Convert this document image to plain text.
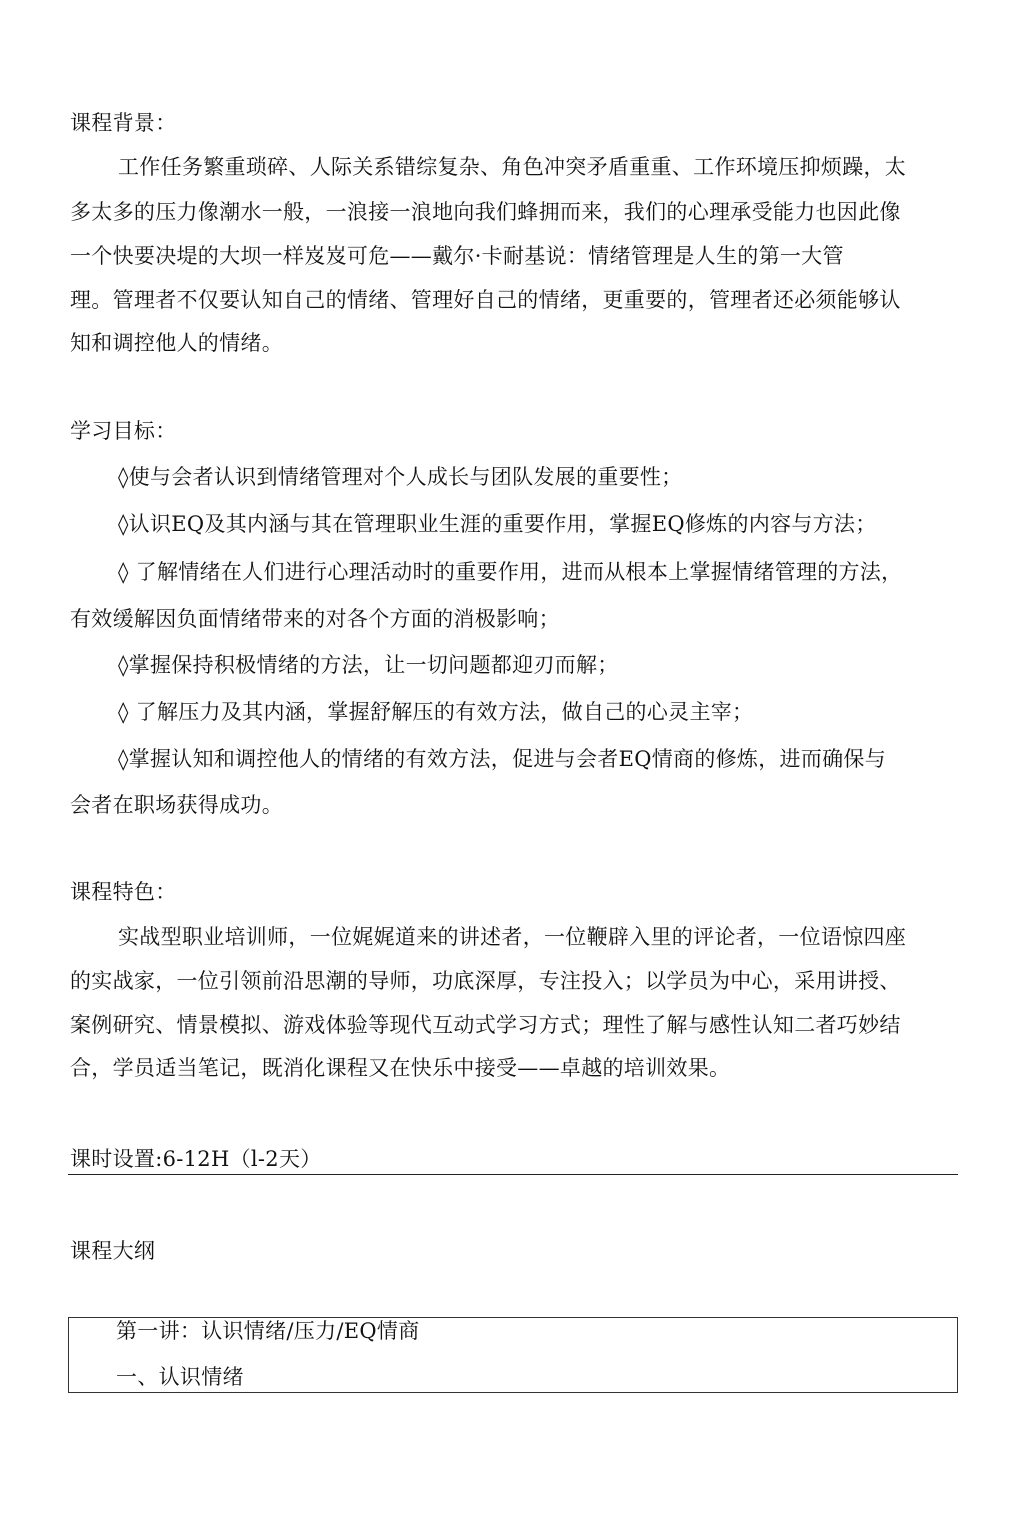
课程背景：
工作任务繁重琐碎、人际关系错综复杂、角色冲突矛盾重重、工作环境压抑烦躁，太
多太多的压力像潮水一般，一浪接一浪地向我们蜂拥而来，我们的心理承受能力也因此像
一个快要决堤的大坝一样岌岌可危——戴尔·卡耐基说：情绪管理是人生的第一大管
理。管理者不仅要认知自己的情绪、管理好自己的情绪，更重要的，管理者还必须能够认
知和调控他人的情绪。
学习目标：
◊使与会者认识到情绪管理对个人成长与团队发展的重要性；
◊认识EQ及其内涵与其在管理职业生涯的重要作用，掌握EQ修炼的内容与方法；
◊ 了解情绪在人们进行心理活动时的重要作用，进而从根本上掌握情绪管理的方法，
有效缓解因负面情绪带来的对各个方面的消极影响；
◊掌握保持积极情绪的方法，让一切问题都迎刃而解；
◊ 了解压力及其内涵，掌握舒解压的有效方法，做自己的心灵主宰；
◊掌握认知和调控他人的情绪的有效方法，促进与会者EQ情商的修炼，进而确保与
会者在职场获得成功。
课程特色：
实战型职业培训师，一位娓娓道来的讲述者，一位鞭辟入里的评论者，一位语惊四座
的实战家，一位引领前沿思潮的导师，功底深厚，专注投入；以学员为中心，采用讲授、
案例研究、情景模拟、游戏体验等现代互动式学习方式；理性了解与感性认知二者巧妙结
合，学员适当笔记，既消化课程又在快乐中接受——卓越的培训效果。
课时设置:6-12H（l-2天）
课程大纲
第一讲：认识情绪/压力/EQ情商
一、认识情绪
